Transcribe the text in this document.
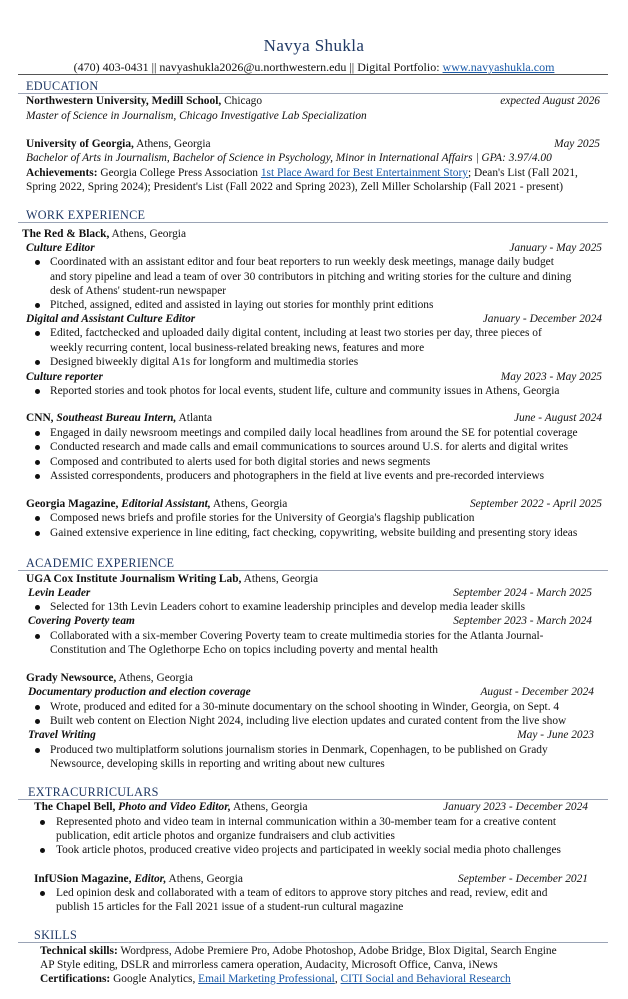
Navya Shukla
(470) 403-0431 || navyashukla2026@u.northwestern.edu || Digital Portfolio: www.navyashukla.com
EDUCATION
Northwestern University, Medill School, Chicago	expected August 2026
Master of Science in Journalism, Chicago Investigative Lab Specialization
University of Georgia, Athens, Georgia	May 2025
Bachelor of Arts in Journalism, Bachelor of Science in Psychology, Minor in International Affairs | GPA: 3.97/4.00
Achievements: Georgia College Press Association 1st Place Award for Best Entertainment Story; Dean's List (Fall 2021,
Spring 2022, Spring 2024); President's List (Fall 2022 and Spring 2023), Zell Miller Scholarship (Fall 2021 - present)
WORK EXPERIENCE
The Red & Black, Athens, Georgia
Culture Editor	January - May 2025
Coordinated with an assistant editor and four beat reporters to run weekly desk meetings, manage daily budget
and story pipeline and lead a team of over 30 contributors in pitching and writing stories for the culture and dining
desk of Athens' student-run newspaper
Pitched, assigned, edited and assisted in laying out stories for monthly print editions
Digital and Assistant Culture Editor	January - December 2024
Edited, factchecked and uploaded daily digital content, including at least two stories per day, three pieces of
weekly recurring content, local business-related breaking news, features and more
Designed biweekly digital A1s for longform and multimedia stories
Culture reporter	May 2023 - May 2025
Reported stories and took photos for local events, student life, culture and community issues in Athens, Georgia
CNN, Southeast Bureau Intern, Atlanta	June - August 2024
Engaged in daily newsroom meetings and compiled daily local headlines from around the SE for potential coverage
Conducted research and made calls and email communications to sources around U.S. for alerts and digital writes
Composed and contributed to alerts used for both digital stories and news segments
Assisted correspondents, producers and photographers in the field at live events and pre-recorded interviews
Georgia Magazine, Editorial Assistant, Athens, Georgia	September 2022 - April 2025
Composed news briefs and profile stories for the University of Georgia's flagship publication
Gained extensive experience in line editing, fact checking, copywriting, website building and presenting story ideas
ACADEMIC EXPERIENCE
UGA Cox Institute Journalism Writing Lab, Athens, Georgia
Levin Leader	September 2024 - March 2025
Selected for 13th Levin Leaders cohort to examine leadership principles and develop media leader skills
Covering Poverty team	September 2023 - March 2024
Collaborated with a six-member Covering Poverty team to create multimedia stories for the Atlanta Journal-
Constitution and The Oglethorpe Echo on topics including poverty and mental health
Grady Newsource, Athens, Georgia
Documentary production and election coverage	August - December 2024
Wrote, produced and edited for a 30-minute documentary on the school shooting in Winder, Georgia, on Sept. 4
Built web content on Election Night 2024, including live election updates and curated content from the live show
Travel Writing	May - June 2023
Produced two multiplatform solutions journalism stories in Denmark, Copenhagen, to be published on Grady
Newsource, developing skills in reporting and writing about new cultures
EXTRACURRICULARS
The Chapel Bell, Photo and Video Editor, Athens, Georgia	January 2023 - December 2024
Represented photo and video team in internal communication within a 30-member team for a creative content
publication, edit article photos and organize fundraisers and club activities
Took article photos, produced creative video projects and participated in weekly social media photo challenges
InfUSion Magazine, Editor, Athens, Georgia	September - December 2021
Led opinion desk and collaborated with a team of editors to approve story pitches and read, review, edit and
publish 15 articles for the Fall 2021 issue of a student-run cultural magazine
SKILLS
Technical skills: Wordpress, Adobe Premiere Pro, Adobe Photoshop, Adobe Bridge, Blox Digital, Search Engine
AP Style editing, DSLR and mirrorless camera operation, Audacity, Microsoft Office, Canva, iNews
Certifications: Google Analytics, Email Marketing Professional, CITI Social and Behavioral Research
